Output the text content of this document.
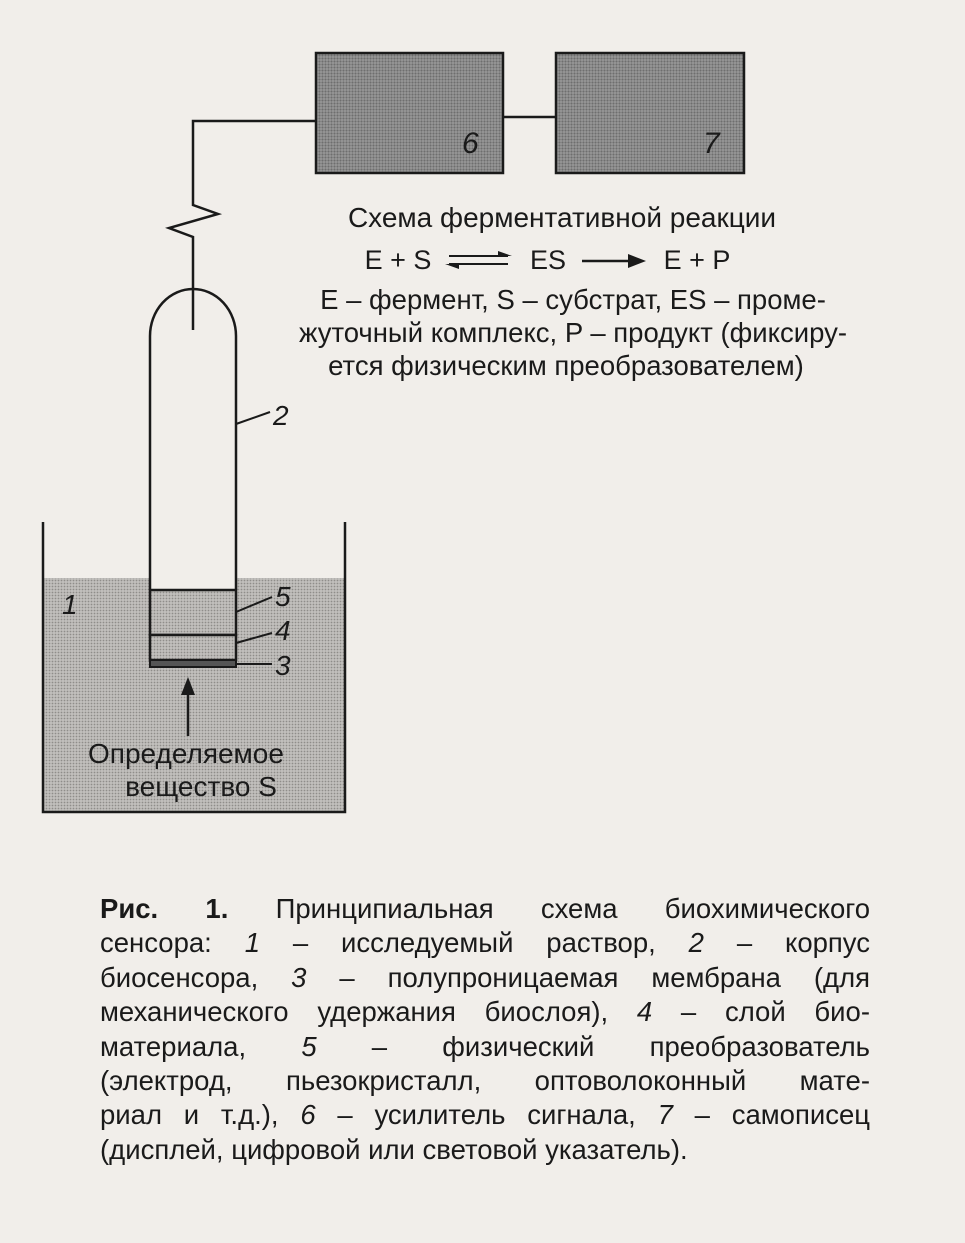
6	7
2
5
4
3
1
Определяемое
вещество S
Схема ферментативной реакции
E + S	ES	E + P
E – фермент, S – субстрат, ES – проме-
жуточный комплекс, P – продукт (фиксиру-
ется физическим преобразователем)
Рис. 1. Принципиальная схема биохимического
сенсора: 1 – исследуемый раствор, 2 – корпус
биосенсора, 3 – полупроницаемая мембрана (для
механического удержания биослоя), 4 – слой био-
материала, 5 – физический преобразователь
(электрод, пьезокристалл, оптоволоконный мате-
риал и т.д.), 6 – усилитель сигнала, 7 – самописец
(дисплей, цифровой или световой указатель).
